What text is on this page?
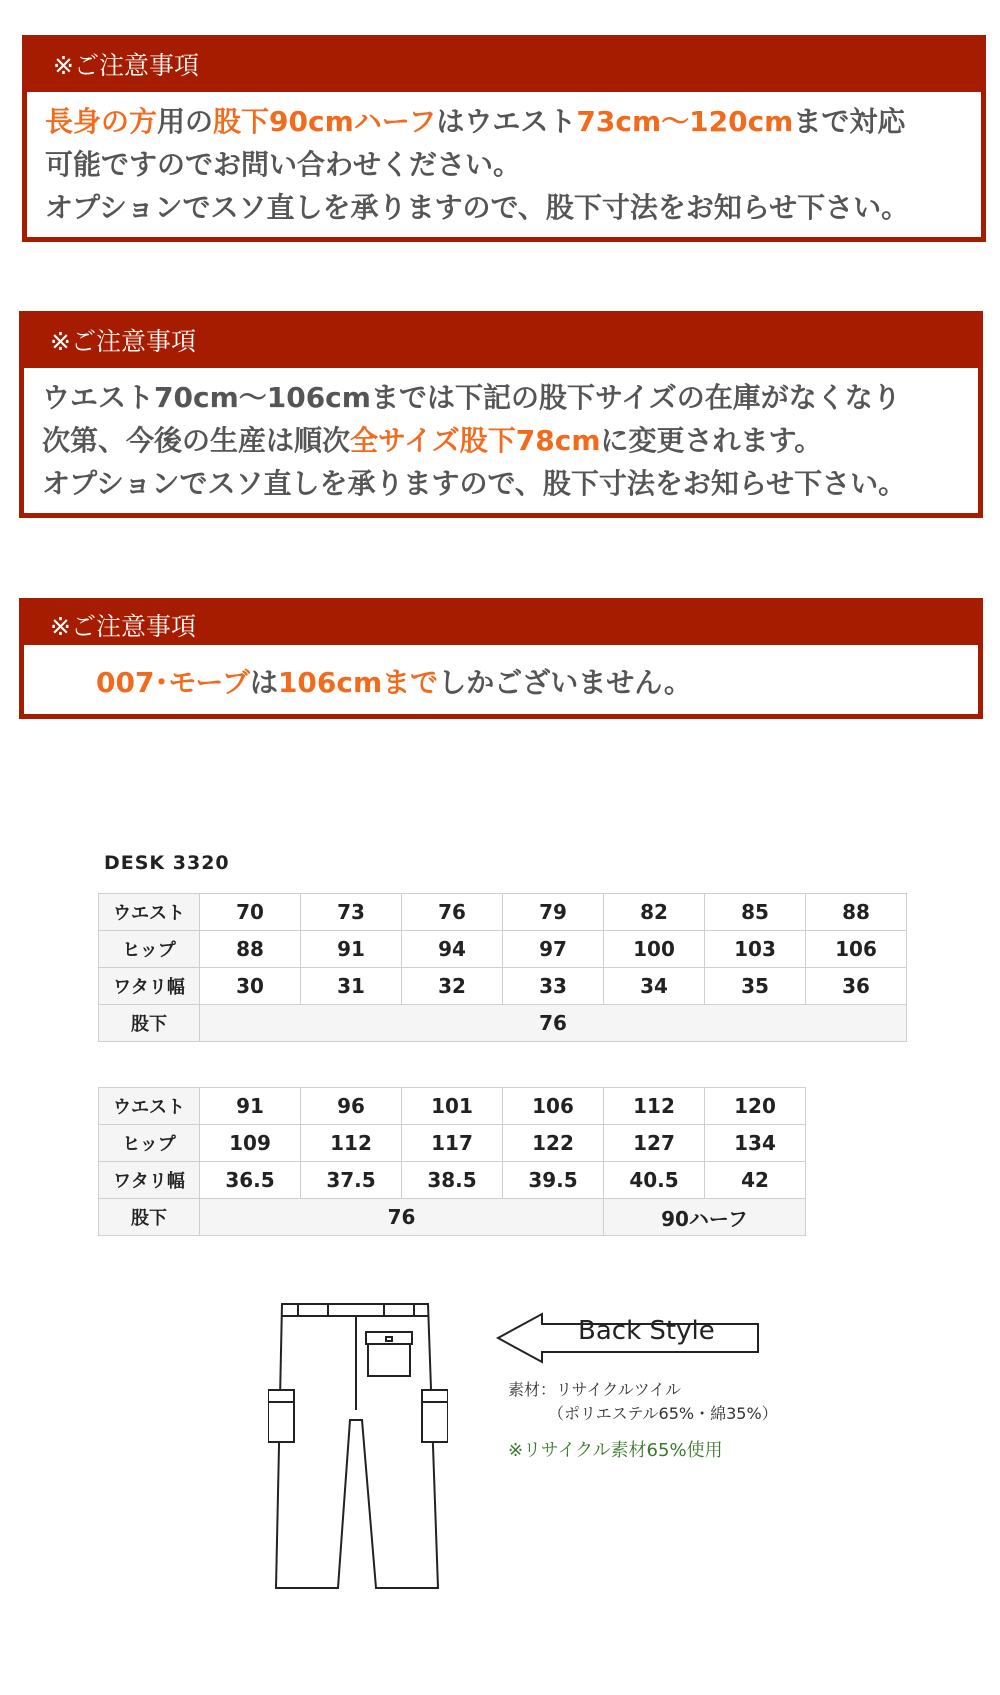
※ご注意事項
長身の方用の股下90cmハーフはウエスト73cm〜120cmまで対応
可能ですのでお問い合わせください。
オプションでスソ直しを承りますので、股下寸法をお知らせ下さい。
※ご注意事項
ウエスト70cm〜106cmまでは下記の股下サイズの在庫がなくなり
次第、今後の生産は順次全サイズ股下78cmに変更されます。
オプションでスソ直しを承りますので、股下寸法をお知らせ下さい。
※ご注意事項
007･モーブは106cmまでしかございません。
DESK 3320
ウエスト	70	73	76	79	82	85	88
ヒップ	88	91	94	97	100	103	106
ワタリ幅	30	31	32	33	34	35	36
股下	76						
ウエスト	91	96	101	106	112	120
ヒップ	109	112	117	122	127	134
ワタリ幅	36.5	37.5	38.5	39.5	40.5	42
股下	76				90ハーフ	
Back Style
素材：リサイクルツイル
（ポリエステル65%・綿35%）
※リサイクル素材65%使用
